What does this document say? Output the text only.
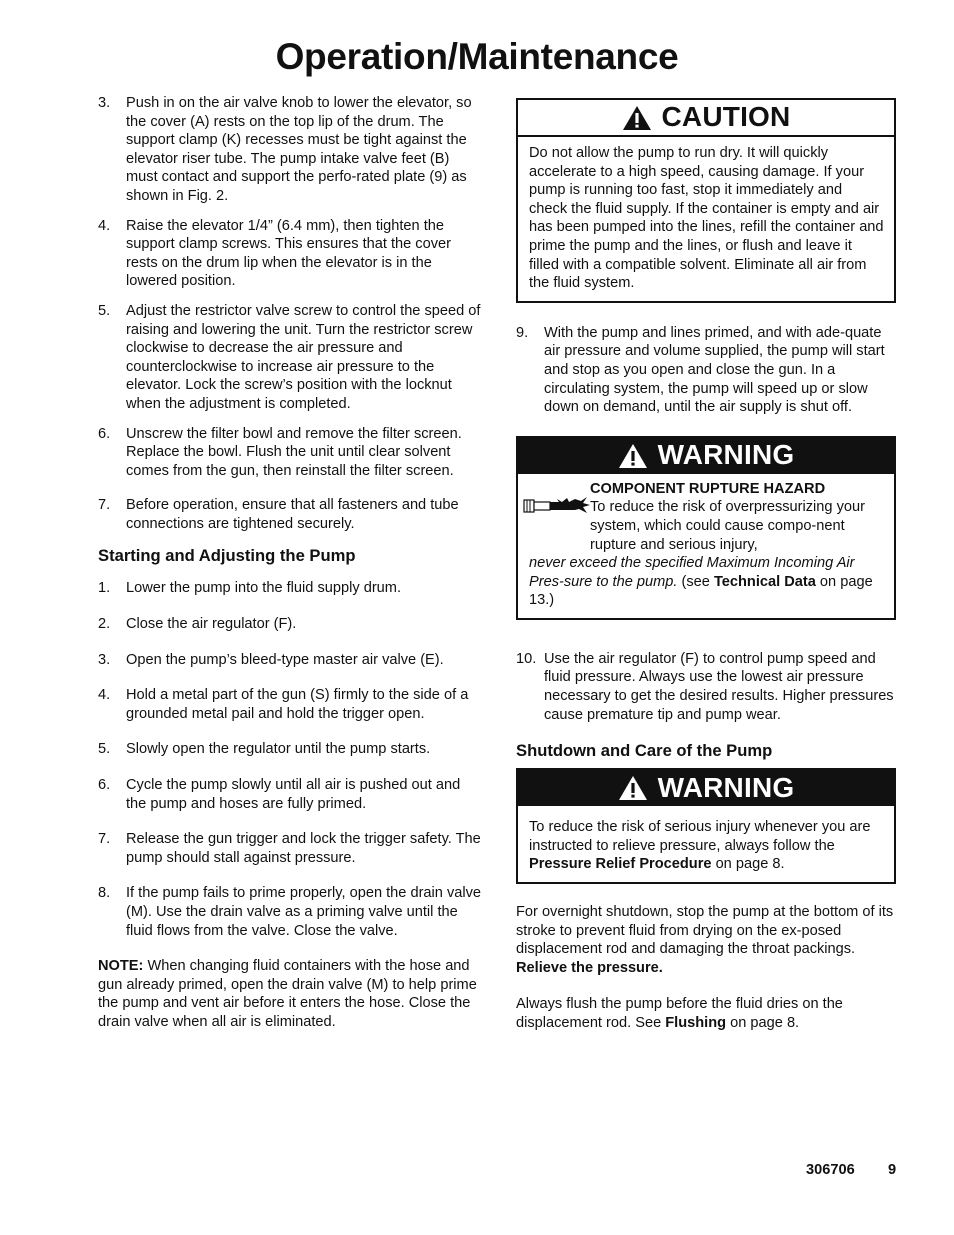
Operation/Maintenance
3. Push in on the air valve knob to lower the elevator, so the cover (A) rests on the top lip of the drum. The support clamp (K) recesses must be tight against the elevator riser tube. The pump intake valve feet (B) must contact and support the perfo-rated plate (9) as shown in Fig. 2.
4. Raise the elevator 1/4” (6.4 mm), then tighten the support clamp screws. This ensures that the cover rests on the drum lip when the elevator is in the lowered position.
5. Adjust the restrictor valve screw to control the speed of raising and lowering the unit. Turn the restrictor screw clockwise to decrease the air pressure and counterclockwise to increase air pressure to the elevator. Lock the screw’s position with the locknut when the adjustment is completed.
6. Unscrew the filter bowl and remove the filter screen. Replace the bowl. Flush the unit until clear solvent comes from the gun, then reinstall the filter screen.
7. Before operation, ensure that all fasteners and tube connections are tightened securely.
Starting and Adjusting the Pump
1. Lower the pump into the fluid supply drum.
2. Close the air regulator (F).
3. Open the pump’s bleed-type master air valve (E).
4. Hold a metal part of the gun (S) firmly to the side of a grounded metal pail and hold the trigger open.
5. Slowly open the regulator until the pump starts.
6. Cycle the pump slowly until all air is pushed out and the pump and hoses are fully primed.
7. Release the gun trigger and lock the trigger safety. The pump should stall against pressure.
8. If the pump fails to prime properly, open the drain valve (M). Use the drain valve as a priming valve until the fluid flows from the valve. Close the valve.
NOTE: When changing fluid containers with the hose and gun already primed, open the drain valve (M) to help prime the pump and vent air before it enters the hose. Close the drain valve when all air is eliminated.
CAUTION
Do not allow the pump to run dry. It will quickly accelerate to a high speed, causing damage. If your pump is running too fast, stop it immediately and check the fluid supply. If the container is empty and air has been pumped into the lines, refill the container and prime the pump and the lines, or flush and leave it filled with a compatible solvent. Eliminate all air from the fluid system.
9. With the pump and lines primed, and with ade-quate air pressure and volume supplied, the pump will start and stop as you open and close the gun. In a circulating system, the pump will speed up or slow down on demand, until the air supply is shut off.
WARNING
COMPONENT RUPTURE HAZARD
To reduce the risk of overpressurizing your system, which could cause compo-nent rupture and serious injury,
never exceed the specified Maximum Incoming Air Pres-sure to the pump. (see Technical Data on page 13.)
10. Use the air regulator (F) to control pump speed and fluid pressure. Always use the lowest air pressure necessary to get the desired results. Higher pressures cause premature tip and pump wear.
Shutdown and Care of the Pump
WARNING
To reduce the risk of serious injury whenever you are instructed to relieve pressure, always follow the Pressure Relief Procedure on page 8.
For overnight shutdown, stop the pump at the bottom of its stroke to prevent fluid from drying on the ex-posed displacement rod and damaging the throat packings. Relieve the pressure.
Always flush the pump before the fluid dries on the displacement rod. See Flushing on page 8.
306706 9
